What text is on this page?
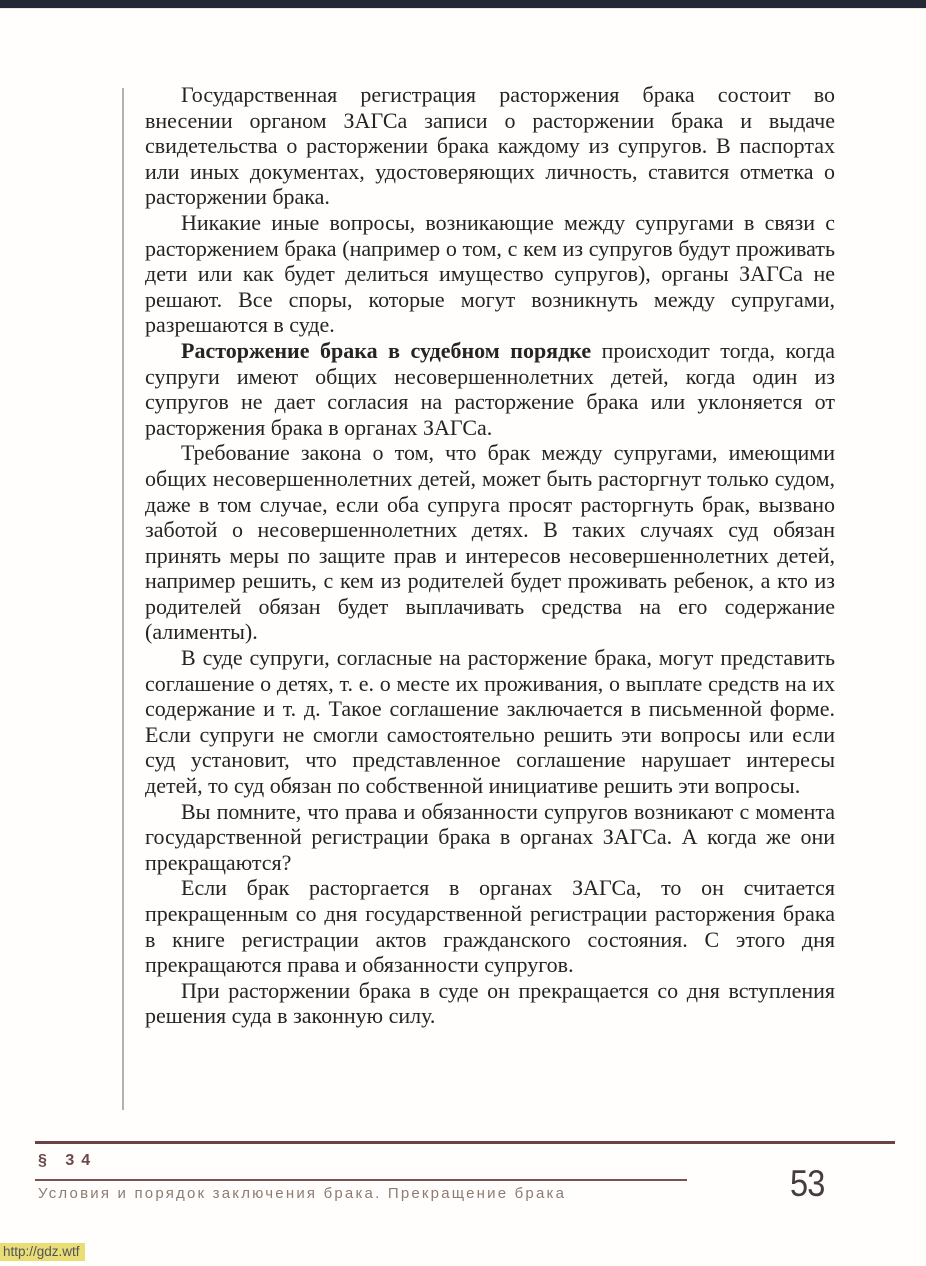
Государственная регистрация расторжения брака состоит во внесении органом ЗАГСа записи о расторжении брака и выдаче свидетельства о расторжении брака каждому из супругов. В паспортах или иных документах, удостоверяющих личность, ставится отметка о расторжении брака.

Никакие иные вопросы, возникающие между супругами в связи с расторжением брака (например о том, с кем из супругов будут проживать дети или как будет делиться имущество супругов), органы ЗАГСа не решают. Все споры, которые могут возникнуть между супругами, разрешаются в суде.

Расторжение брака в судебном порядке происходит тогда, когда супруги имеют общих несовершеннолетних детей, когда один из супругов не дает согласия на расторжение брака или уклоняется от расторжения брака в органах ЗАГСа.

Требование закона о том, что брак между супругами, имеющими общих несовершеннолетних детей, может быть расторгнут только судом, даже в том случае, если оба супруга просят расторгнуть брак, вызвано заботой о несовершеннолетних детях. В таких случаях суд обязан принять меры по защите прав и интересов несовершеннолетних детей, например решить, с кем из родителей будет проживать ребенок, а кто из родителей обязан будет выплачивать средства на его содержание (алименты).

В суде супруги, согласные на расторжение брака, могут представить соглашение о детях, т. е. о месте их проживания, о выплате средств на их содержание и т. д. Такое соглашение заключается в письменной форме. Если супруги не смогли самостоятельно решить эти вопросы или если суд установит, что представленное соглашение нарушает интересы детей, то суд обязан по собственной инициативе решить эти вопросы.

Вы помните, что права и обязанности супругов возникают с момента государственной регистрации брака в органах ЗАГСа. А когда же они прекращаются?

Если брак расторгается в органах ЗАГСа, то он считается прекращенным со дня государственной регистрации расторжения брака в книге регистрации актов гражданского состояния. С этого дня прекращаются права и обязанности супругов.

При расторжении брака в суде он прекращается со дня вступления решения суда в законную силу.

§ 34
Условия и порядок заключения брака. Прекращение брака	53
http://gdz.wtf
